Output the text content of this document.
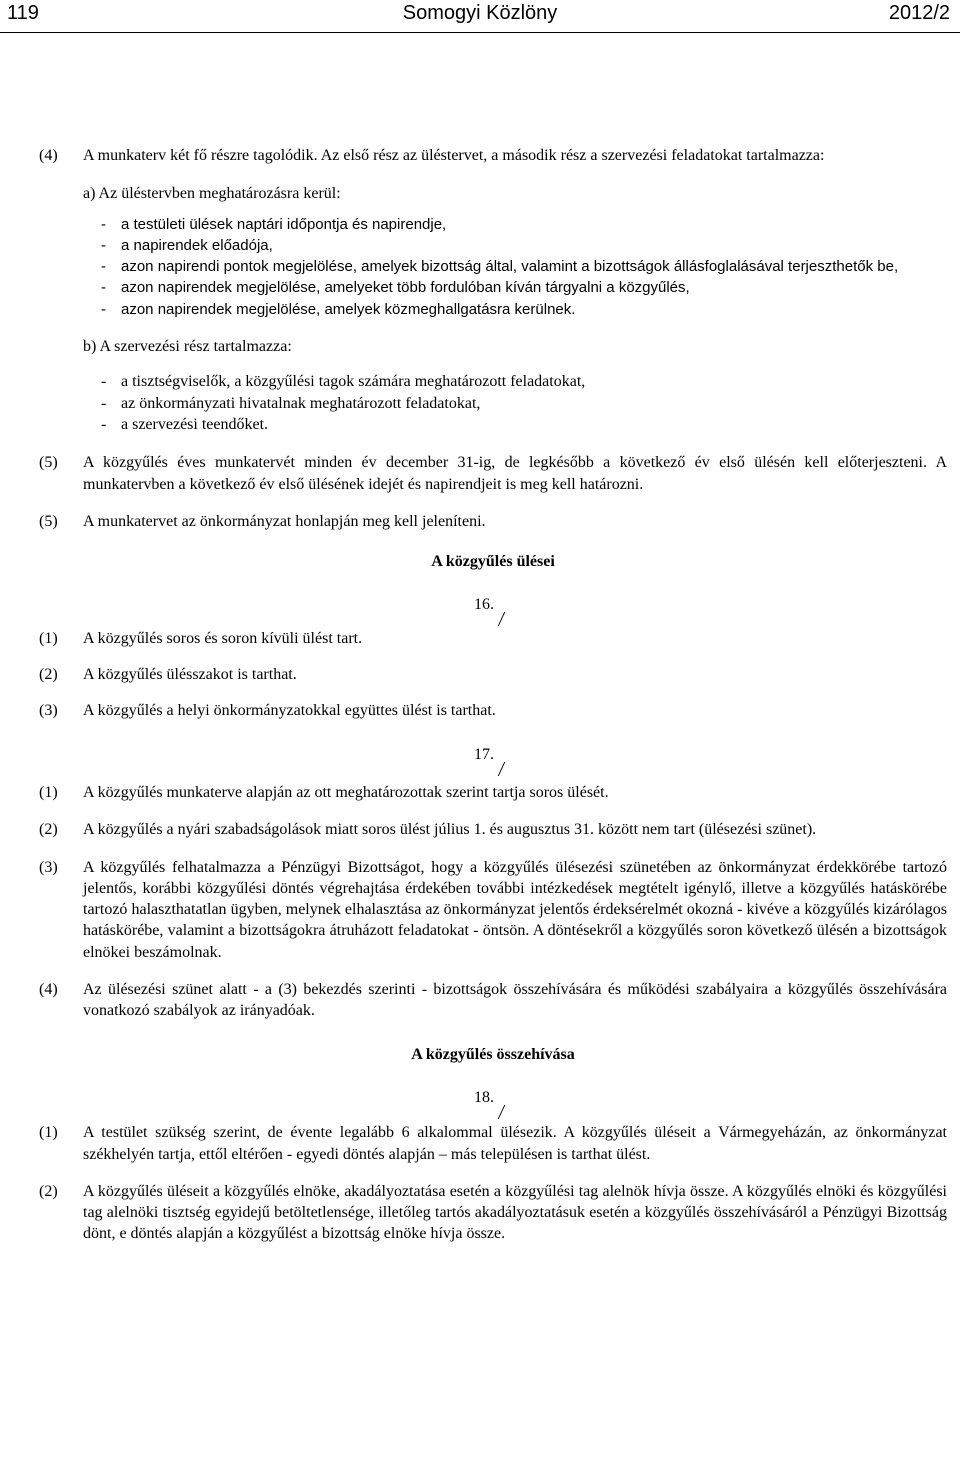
Somogyi Közlöny
119	2012/2
(4) A munkaterv két fő részre tagolódik. Az első rész az üléstervet, a második rész a szervezési feladatokat tartalmazza:
a) Az üléstervben meghatározásra kerül:
- a testületi ülések naptári időpontja és napirendje,
- a napirendek előadója,
- azon napirendi pontok megjelölése, amelyek bizottság által, valamint a bizottságok állásfoglalásával terjeszthetők be,
- azon napirendek megjelölése, amelyeket több fordulóban kíván tárgyalni a közgyűlés,
- azon napirendek megjelölése, amelyek közmeghallgatásra kerülnek.
b) A szervezési rész tartalmazza:
- a tisztségviselők, a közgyűlési tagok számára meghatározott feladatokat,
- az önkormányzati hivatalnak meghatározott feladatokat,
- a szervezési teendőket.
(5) A közgyűlés éves munkatervét minden év december 31-ig, de legkésőbb a következő év első ülésén kell előterjeszteni. A munkatervben a következő év első ülésének idejét és napirendjeit is meg kell határozni.
(5) A munkatervet az önkormányzat honlapján meg kell jeleníteni.
A közgyűlés ülései
16.
(1) A közgyűlés soros és soron kívüli ülést tart.
(2) A közgyűlés ülésszakot is tarthat.
(3) A közgyűlés a helyi önkormányzatokkal együttes ülést is tarthat.
17.
(1) A közgyűlés munkaterve alapján az ott meghatározottak szerint tartja soros ülését.
(2) A közgyűlés a nyári szabadságolások miatt soros ülést július 1. és augusztus 31. között nem tart (ülésezési szünet).
(3) A közgyűlés felhatalmazza a Pénzügyi Bizottságot, hogy a közgyűlés ülésezési szünetében az önkormányzat érdekkörébe tartozó jelentős, korábbi közgyűlési döntés végrehajtása érdekében további intézkedések megtételt igénylő, illetve a közgyűlés hatáskörébe tartozó halaszthatatlan ügyben, melynek elhalasztása az önkormányzat jelentős érdeksérelmét okozná - kivéve a közgyűlés kizárólagos hatáskörébe, valamint a bizottságokra átruházott feladatokat - öntsön. A döntésekről a közgyűlés soron következő ülésén a bizottságok elnökei beszámolnak.
(4) Az ülésezési szünet alatt - a (3) bekezdés szerinti - bizottságok összehívására és működési szabályaira a közgyűlés összehívására vonatkozó szabályok az irányadóak.
A közgyűlés összehívása
18.
(1) A testület szükség szerint, de évente legalább 6 alkalommal ülésezik. A közgyűlés üléseit a Vármegyeházán, az önkormányzat székhelyén tartja, ettől eltérően - egyedi döntés alapján – más településen is tarthat ülést.
(2) A közgyűlés üléseit a közgyűlés elnöke, akadályoztatása esetén a közgyűlési tag alelnök hívja össze. A közgyűlés elnöki és közgyűlési tag alelnöki tisztség egyidejű betöltetlensége, illetőleg tartós akadályoztatásuk esetén a közgyűlés összehívásáról a Pénzügyi Bizottság dönt, e döntés alapján a közgyűlést a bizottság elnöke hívja össze.
